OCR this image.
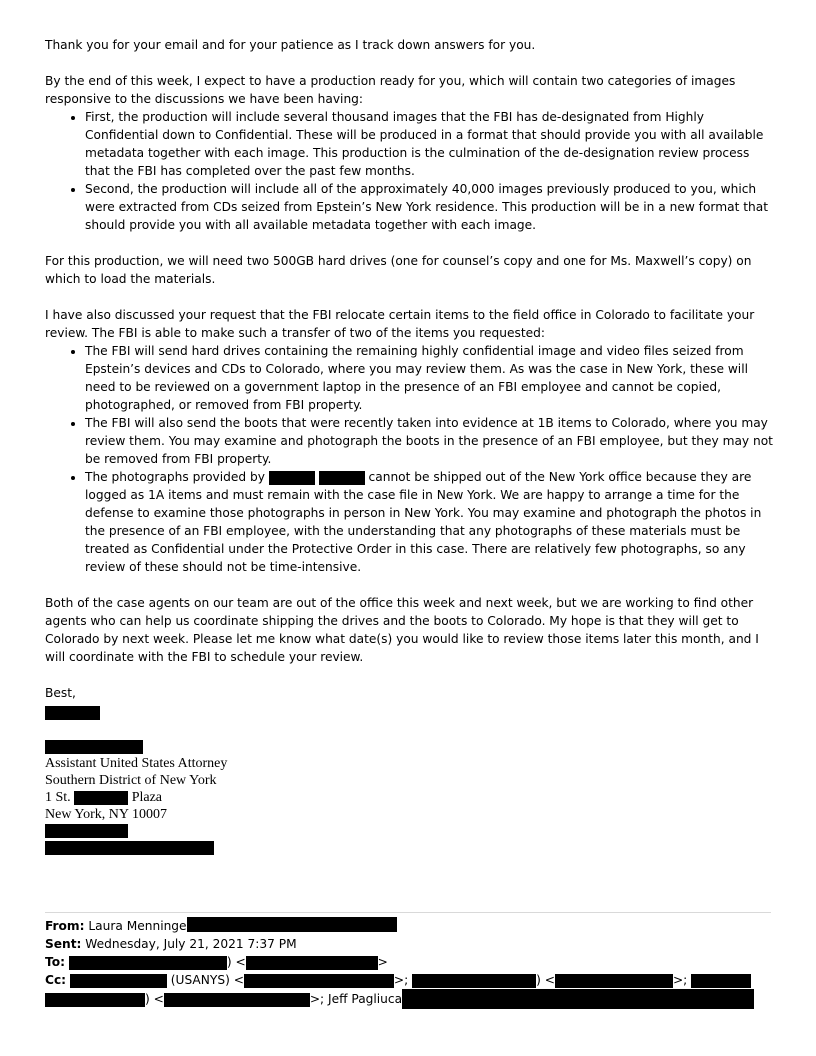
Thank you for your email and for your patience as I track down answers for you.

By the end of this week, I expect to have a production ready for you, which will contain two categories of images responsive to the discussions we have been having:

• First, the production will include several thousand images that the FBI has de-designated from Highly Confidential down to Confidential. These will be produced in a format that should provide you with all available metadata together with each image. This production is the culmination of the de-designation review process that the FBI has completed over the past few months.
• Second, the production will include all of the approximately 40,000 images previously produced to you, which were extracted from CDs seized from Epstein’s New York residence. This production will be in a new format that should provide you with all available metadata together with each image.

For this production, we will need two 500GB hard drives (one for counsel’s copy and one for Ms. Maxwell’s copy) on which to load the materials.

I have also discussed your request that the FBI relocate certain items to the field office in Colorado to facilitate your review. The FBI is able to make such a transfer of two of the items you requested:

• The FBI will send hard drives containing the remaining highly confidential image and video files seized from Epstein’s devices and CDs to Colorado, where you may review them. As was the case in New York, these will need to be reviewed on a government laptop in the presence of an FBI employee and cannot be copied, photographed, or removed from FBI property.
• The FBI will also send the boots that were recently taken into evidence at 1B items to Colorado, where you may review them. You may examine and photograph the boots in the presence of an FBI employee, but they may not be removed from FBI property.
• The photographs provided by	cannot be shipped out of the New York office because they are logged as 1A items and must remain with the case file in New York. We are happy to arrange a time for the defense to examine those photographs in person in New York. You may examine and photograph the photos in the presence of an FBI employee, with the understanding that any photographs of these materials must be treated as Confidential under the Protective Order in this case. There are relatively few photographs, so any review of these should not be time-intensive.

Both of the case agents on our team are out of the office this week and next week, but we are working to find other agents who can help us coordinate shipping the drives and the boots to Colorado. My hope is that they will get to Colorado by next week. Please let me know what date(s) you would like to review those items later this month, and I will coordinate with the FBI to schedule your review.

Best,
Assistant United States Attorney
Southern District of New York
1 St.	Plaza
New York, NY 10007
From: Laura Menninge
Sent: Wednesday, July 21, 2021 7:37 PM
To:	) <	>
Cc:	(USANYS) <	>;	) <	>;
) <	>; Jeff Pagliuca
